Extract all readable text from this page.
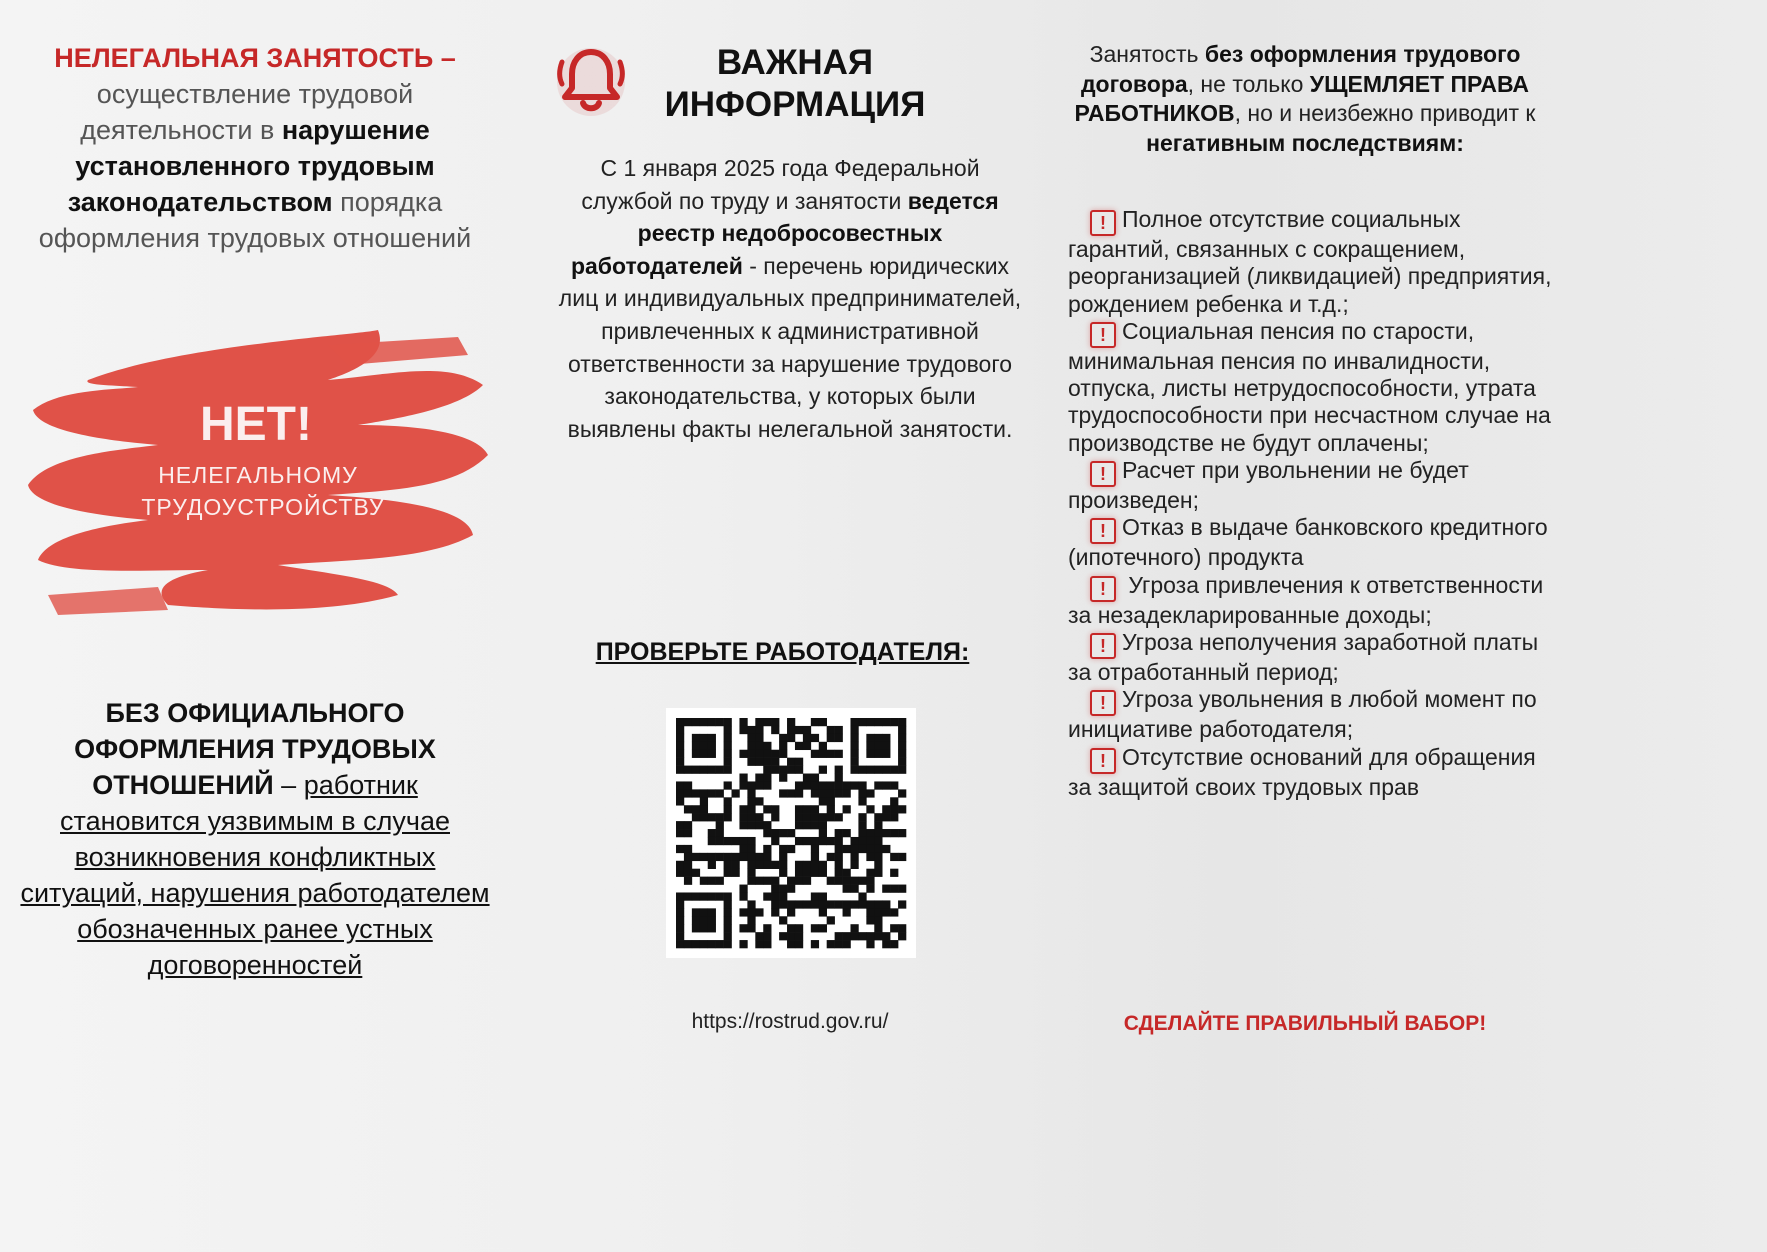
НЕЛЕГАЛЬНАЯ ЗАНЯТОСТЬ – осуществление трудовой деятельности в нарушение установленного трудовым законодательством порядка оформления трудовых отношений
НЕТ!
НЕЛЕГАЛЬНОМУ
ТРУДОУСТРОЙСТВУ
БЕЗ ОФИЦИАЛЬНОГО ОФОРМЛЕНИЯ ТРУДОВЫХ ОТНОШЕНИЙ – работник становится уязвимым в случае возникновения конфликтных ситуаций, нарушения работодателем обозначенных ранее устных договоренностей
ВАЖНАЯ
ИНФОРМАЦИЯ
С 1 января 2025 года Федеральной службой по труду и занятости ведется реестр недобросовестных работодателей - перечень юридических лиц и индивидуальных предпринимателей, привлеченных к административной ответственности за нарушение трудового законодательства, у которых были выявлены факты нелегальной занятости.
ПРОВЕРЬТЕ РАБОТОДАТЕЛЯ:
https://rostrud.gov.ru/
Занятость без оформления трудового договора, не только УЩЕМЛЯЕТ ПРАВА РАБОТНИКОВ, но и неизбежно приводит к негативным последствиям:
! Полное отсутствие социальных гарантий, связанных с сокращением, реорганизацией (ликвидацией) предприятия, рождением ребенка и т.д.;
! Социальная пенсия по старости, минимальная пенсия по инвалидности, отпуска, листы нетрудоспособности, утрата трудоспособности при несчастном случае на производстве не будут оплачены;
! Расчет при увольнении не будет произведен;
! Отказ в выдаче банковского кредитного (ипотечного) продукта
! Угроза привлечения к ответственности за незадекларированные доходы;
! Угроза неполучения заработной платы за отработанный период;
! Угроза увольнения в любой момент по инициативе работодателя;
! Отсутствие оснований для обращения за защитой своих трудовых прав
СДЕЛАЙТЕ ПРАВИЛЬНЫЙ ВАБОР!
